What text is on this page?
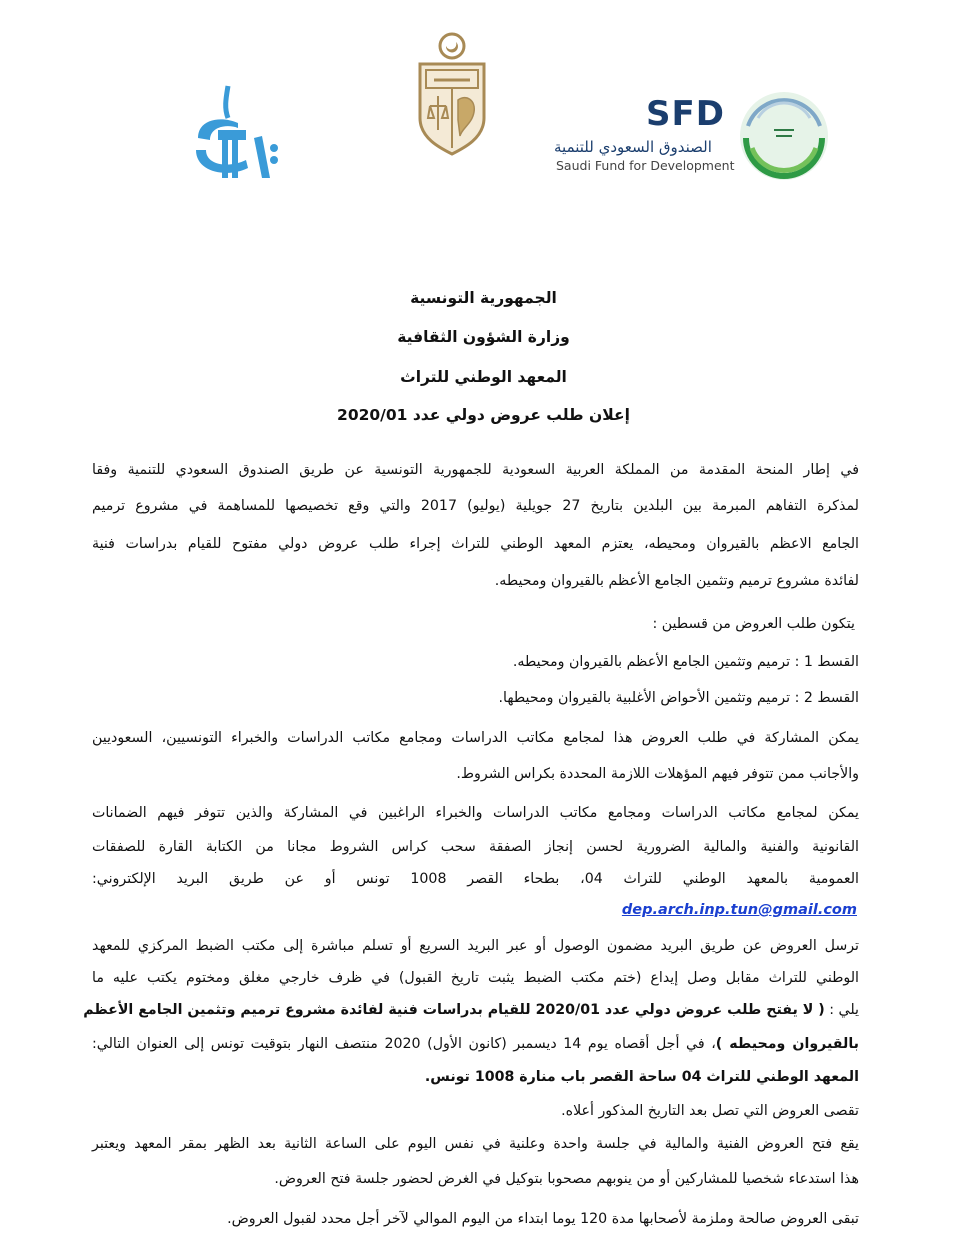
SFD
الصندوق السعودي للتنمية
Saudi Fund for Development
الجمهورية التونسية
وزارة الشؤون الثقافية
المعهد الوطني للتراث
إعلان طلب عروض دولي عدد 2020/01
في إطار المنحة المقدمة من المملكة العربية السعودية للجمهورية التونسية عن طريق الصندوق السعودي للتنمية وفقا
لمذكرة التفاهم المبرمة بين البلدين بتاريخ 27 جويلية (يوليو) 2017 والتي وقع تخصيصها للمساهمة في مشروع ترميم
الجامع الاعظم بالقيروان ومحيطه، يعتزم المعهد الوطني للتراث إجراء طلب عروض دولي مفتوح للقيام بدراسات فنية
لفائدة مشروع ترميم وتثمين الجامع الأعظم بالقيروان ومحيطه.
يتكون طلب العروض من قسطين :
القسط 1 : ترميم وتثمين الجامع الأعظم بالقيروان ومحيطه.
القسط 2 : ترميم وتثمين الأحواض الأغلبية بالقيروان ومحيطها.
يمكن المشاركة في طلب العروض هذا لمجامع مكاتب الدراسات ومجامع مكاتب الدراسات والخبراء التونسيين، السعوديين
والأجانب ممن تتوفر فيهم المؤهلات اللازمة المحددة بكراس الشروط.
يمكن لمجامع مكاتب الدراسات ومجامع مكاتب الدراسات والخبراء الراغبين في المشاركة والذين تتوفر فيهم الضمانات
القانونية والفنية والمالية الضرورية لحسن إنجاز الصفقة سحب كراس الشروط مجانا من الكتابة القارة للصفقات
العمومية بالمعهد الوطني للتراث 04، بطحاء القصر 1008 تونس أو عن طريق البريد الإلكتروني:
dep.arch.inp.tun@gmail.com
ترسل العروض عن طريق البريد مضمون الوصول أو عبر البريد السريع أو تسلم مباشرة إلى مكتب الضبط المركزي للمعهد
الوطني للتراث مقابل وصل إيداع (ختم مكتب الضبط يثبت تاريخ القبول) في ظرف خارجي مغلق ومختوم يكتب عليه ما
يلي : ( لا يفتح طلب عروض دولي عدد 2020/01 للقيام بدراسات فنية لفائدة مشروع ترميم وتثمين الجامع الأعظم
بالقيروان ومحيطه )، في أجل أقصاه يوم 14 ديسمبر (كانون الأول) 2020 منتصف النهار بتوقيت تونس إلى العنوان التالي:
المعهد الوطني للتراث 04 ساحة القصر باب منارة 1008 تونس.
تقصى العروض التي تصل بعد التاريخ المذكور أعلاه.
يقع فتح العروض الفنية والمالية في جلسة واحدة وعلنية في نفس اليوم على الساعة الثانية بعد الظهر بمقر المعهد ويعتبر
هذا استدعاء شخصيا للمشاركين أو من ينوبهم مصحوبا بتوكيل في الغرض لحضور جلسة فتح العروض.
تبقى العروض صالحة وملزمة لأصحابها مدة 120 يوما ابتداء من اليوم الموالي لآخر أجل محدد لقبول العروض.
